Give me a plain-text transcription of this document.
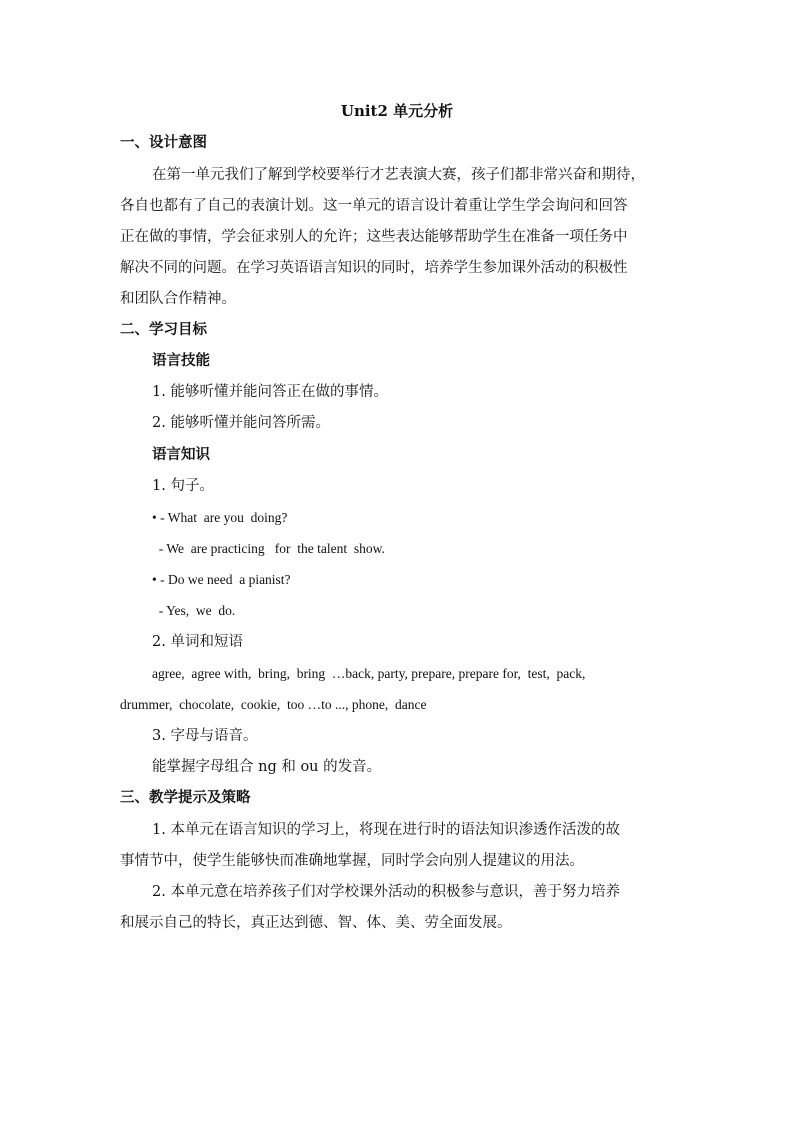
Unit2 单元分析
一、设计意图
在第一单元我们了解到学校要举行才艺表演大赛，孩子们都非常兴奋和期待，
各自也都有了自己的表演计划。这一单元的语言设计着重让学生学会询问和回答
正在做的事情，学会征求别人的允许；这些表达能够帮助学生在准备一项任务中
解决不同的问题。在学习英语语言知识的同时，培养学生参加课外活动的积极性
和团队合作精神。
二、学习目标
语言技能
1. 能够听懂并能问答正在做的事情。
2. 能够听懂并能问答所需。
语言知识
1. 句子。
• - What  are you  doing?
- We  are practicing   for  the talent  show.
• - Do we need  a pianist?
- Yes,  we  do.
2. 单词和短语
agree,  agree with,  bring,  bring  …back, party, prepare, prepare for,  test,  pack,
drummer,  chocolate,  cookie,  too …to ..., phone,  dance
3. 字母与语音。
能掌握字母组合 ng 和 ou 的发音。
三、教学提示及策略
1. 本单元在语言知识的学习上，将现在进行时的语法知识渗透作活泼的故
事情节中，使学生能够快而准确地掌握，同时学会向别人提建议的用法。
2. 本单元意在培养孩子们对学校课外活动的积极参与意识，善于努力培养
和展示自己的特长，真正达到德、智、体、美、劳全面发展。
